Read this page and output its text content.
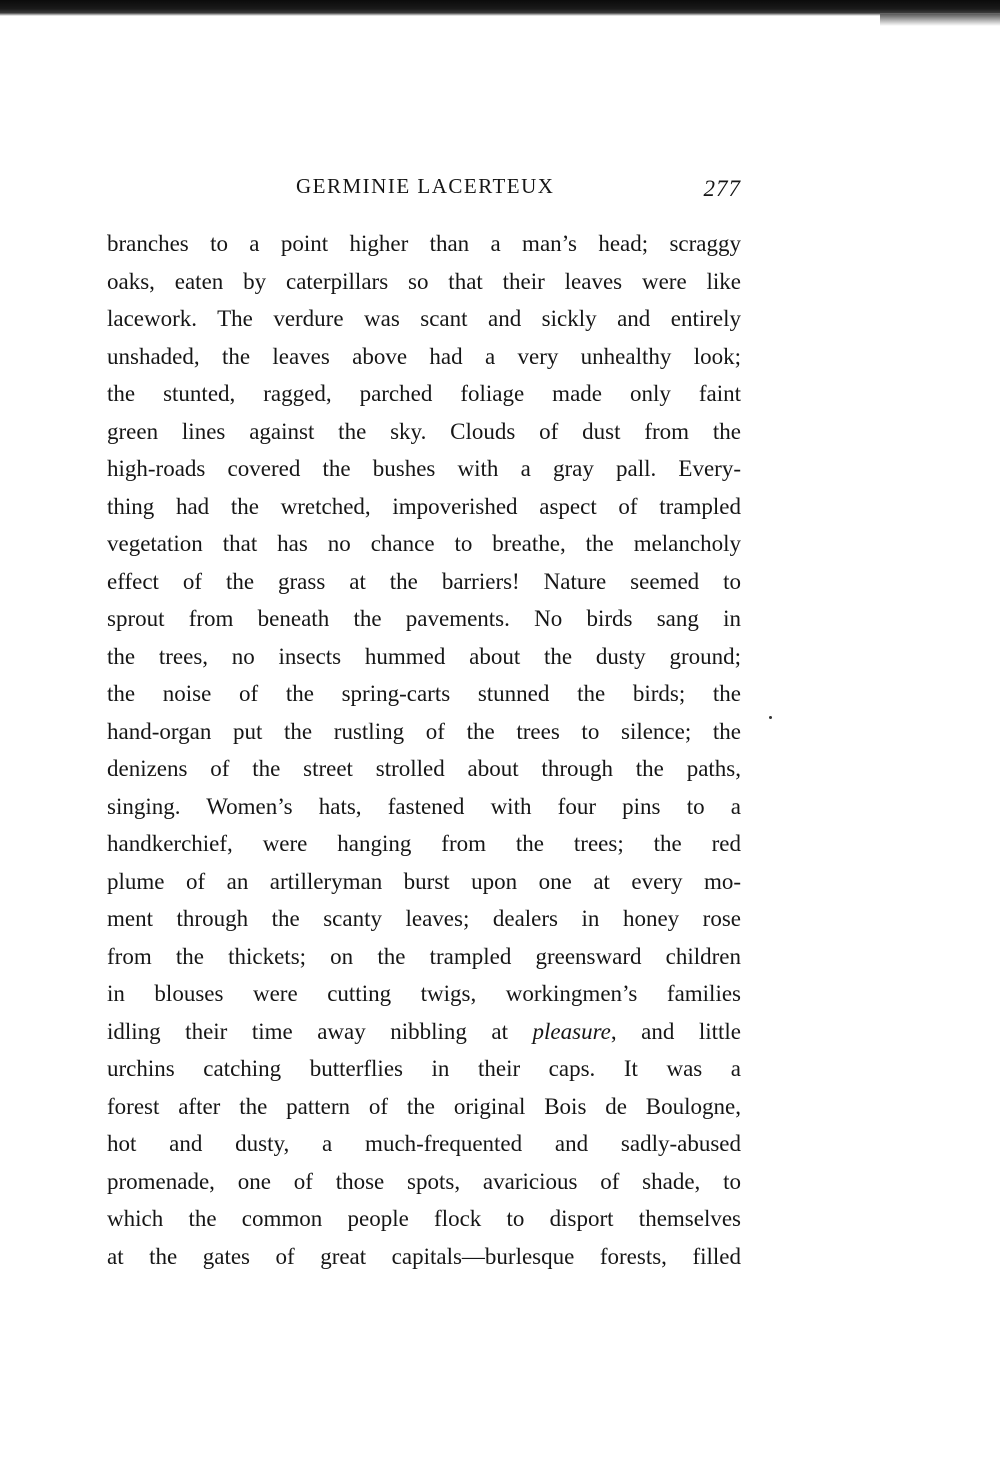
GERMINIE LACERTEUX	277
branches to a point higher than a man’s head; scraggy
oaks, eaten by caterpillars so that their leaves were like
lacework. The verdure was scant and sickly and entirely
unshaded, the leaves above had a very unhealthy look;
the stunted, ragged, parched foliage made only faint
green lines against the sky. Clouds of dust from the
high-roads covered the bushes with a gray pall. Every-
thing had the wretched, impoverished aspect of trampled
vegetation that has no chance to breathe, the melancholy
effect of the grass at the barriers! Nature seemed to
sprout from beneath the pavements. No birds sang in
the trees, no insects hummed about the dusty ground;
the noise of the spring-carts stunned the birds; the
hand-organ put the rustling of the trees to silence; the
denizens of the street strolled about through the paths,
singing. Women’s hats, fastened with four pins to a
handkerchief, were hanging from the trees; the red
plume of an artilleryman burst upon one at every mo-
ment through the scanty leaves; dealers in honey rose
from the thickets; on the trampled greensward children
in blouses were cutting twigs, workingmen’s families
idling their time away nibbling at pleasure, and little
urchins catching butterflies in their caps. It was a
forest after the pattern of the original Bois de Boulogne,
hot and dusty, a much-frequented and sadly-abused
promenade, one of those spots, avaricious of shade, to
which the common people flock to disport themselves
at the gates of great capitals—burlesque forests, filled
